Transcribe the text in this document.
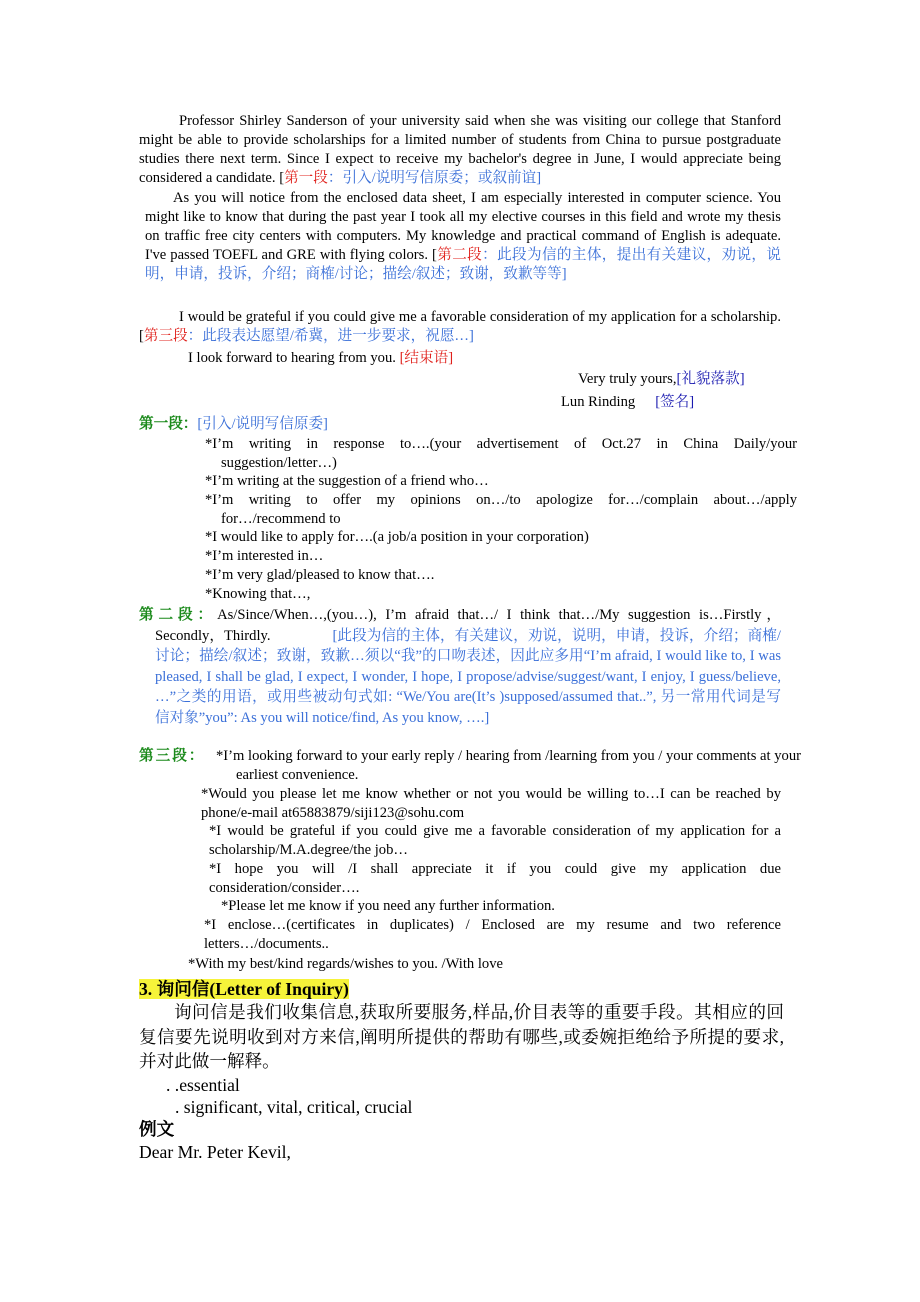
Professor Shirley Sanderson of your university said when she was visiting our college that Stanford might be able to provide scholarships for a limited number of students from China to pursue postgraduate studies there next term. Since I expect to receive my bachelor's degree in June, I would appreciate being considered a candidate. [第一段：引入/说明写信原委；或叙前谊]

As you will notice from the enclosed data sheet, I am especially interested in computer science. You might like to know that during the past year I took all my elective courses in this field and wrote my thesis on traffic free city centers with computers. My knowledge and practical command of English is adequate. I've passed TOEFL and GRE with flying colors. [第二段：此段为信的主体，提出有关建议，劝说，说明，申请，投诉，介绍；商榷/讨论；描绘/叙述；致谢，致歉等等]

I would be grateful if you could give me a favorable consideration of my application for a scholarship. [第三段：此段表达愿望/希冀，进一步要求，祝愿…]

I look forward to hearing from you. [结束语]

Very truly yours,[礼貌落款]

Lun Rinding [签名]

第一段：[引入/说明写信原委]

*I’m writing in response to….(your advertisement of Oct.27 in China Daily/your suggestion/letter…)

*I’m writing at the suggestion of a friend who…

*I’m writing to offer my opinions on…/to apologize for…/complain about…/apply for…/recommend to

*I would like to apply for….(a job/a position in your corporation)

*I’m interested in…

*I’m very glad/pleased to know that….

*Knowing that…,

第二段：As/Since/When…,(you…), I’m afraid that…/ I think that…/My suggestion is…Firstly，Secondly，Thirdly.	[此段为信的主体，有关建议，劝说，说明，申请，投诉，介绍；商榷/讨论；描绘/叙述；致谢，致歉…须以“我”的口吻表述，因此应多用“I’m afraid, I would like to, I was pleased, I shall be glad, I expect, I wonder, I hope, I propose/advise/suggest/want, I enjoy, I guess/believe, …”之类的用语，或用些被动句式如: “We/You are(It’s )supposed/assumed that..”, 另一常用代词是写信对象”you”: As you will notice/find, As you know, ….]

第三段： *I’m looking forward to your early reply / hearing from /learning from you / your comments at your earliest convenience.

*Would you please let me know whether or not you would be willing to…I can be reached by phone/e-mail at65883879/siji123@sohu.com

*I would be grateful if you could give me a favorable consideration of my application for a scholarship/M.A.degree/the job…

*I hope you will /I shall appreciate it if you could give my application due consideration/consider….

*Please let me know if you need any further information.

*I enclose…(certificates in duplicates) / Enclosed are my resume and two reference letters…/documents..

*With my best/kind regards/wishes to you. /With love

3. 询问信(Letter of Inquiry)

询问信是我们收集信息,获取所要服务,样品,价目表等的重要手段。其相应的回复信要先说明收到对方来信,阐明所提供的帮助有哪些,或委婉拒绝给予所提的要求,并对此做一解释。

. .essential

. significant, vital, critical, crucial

例文

Dear Mr. Peter Kevil,
